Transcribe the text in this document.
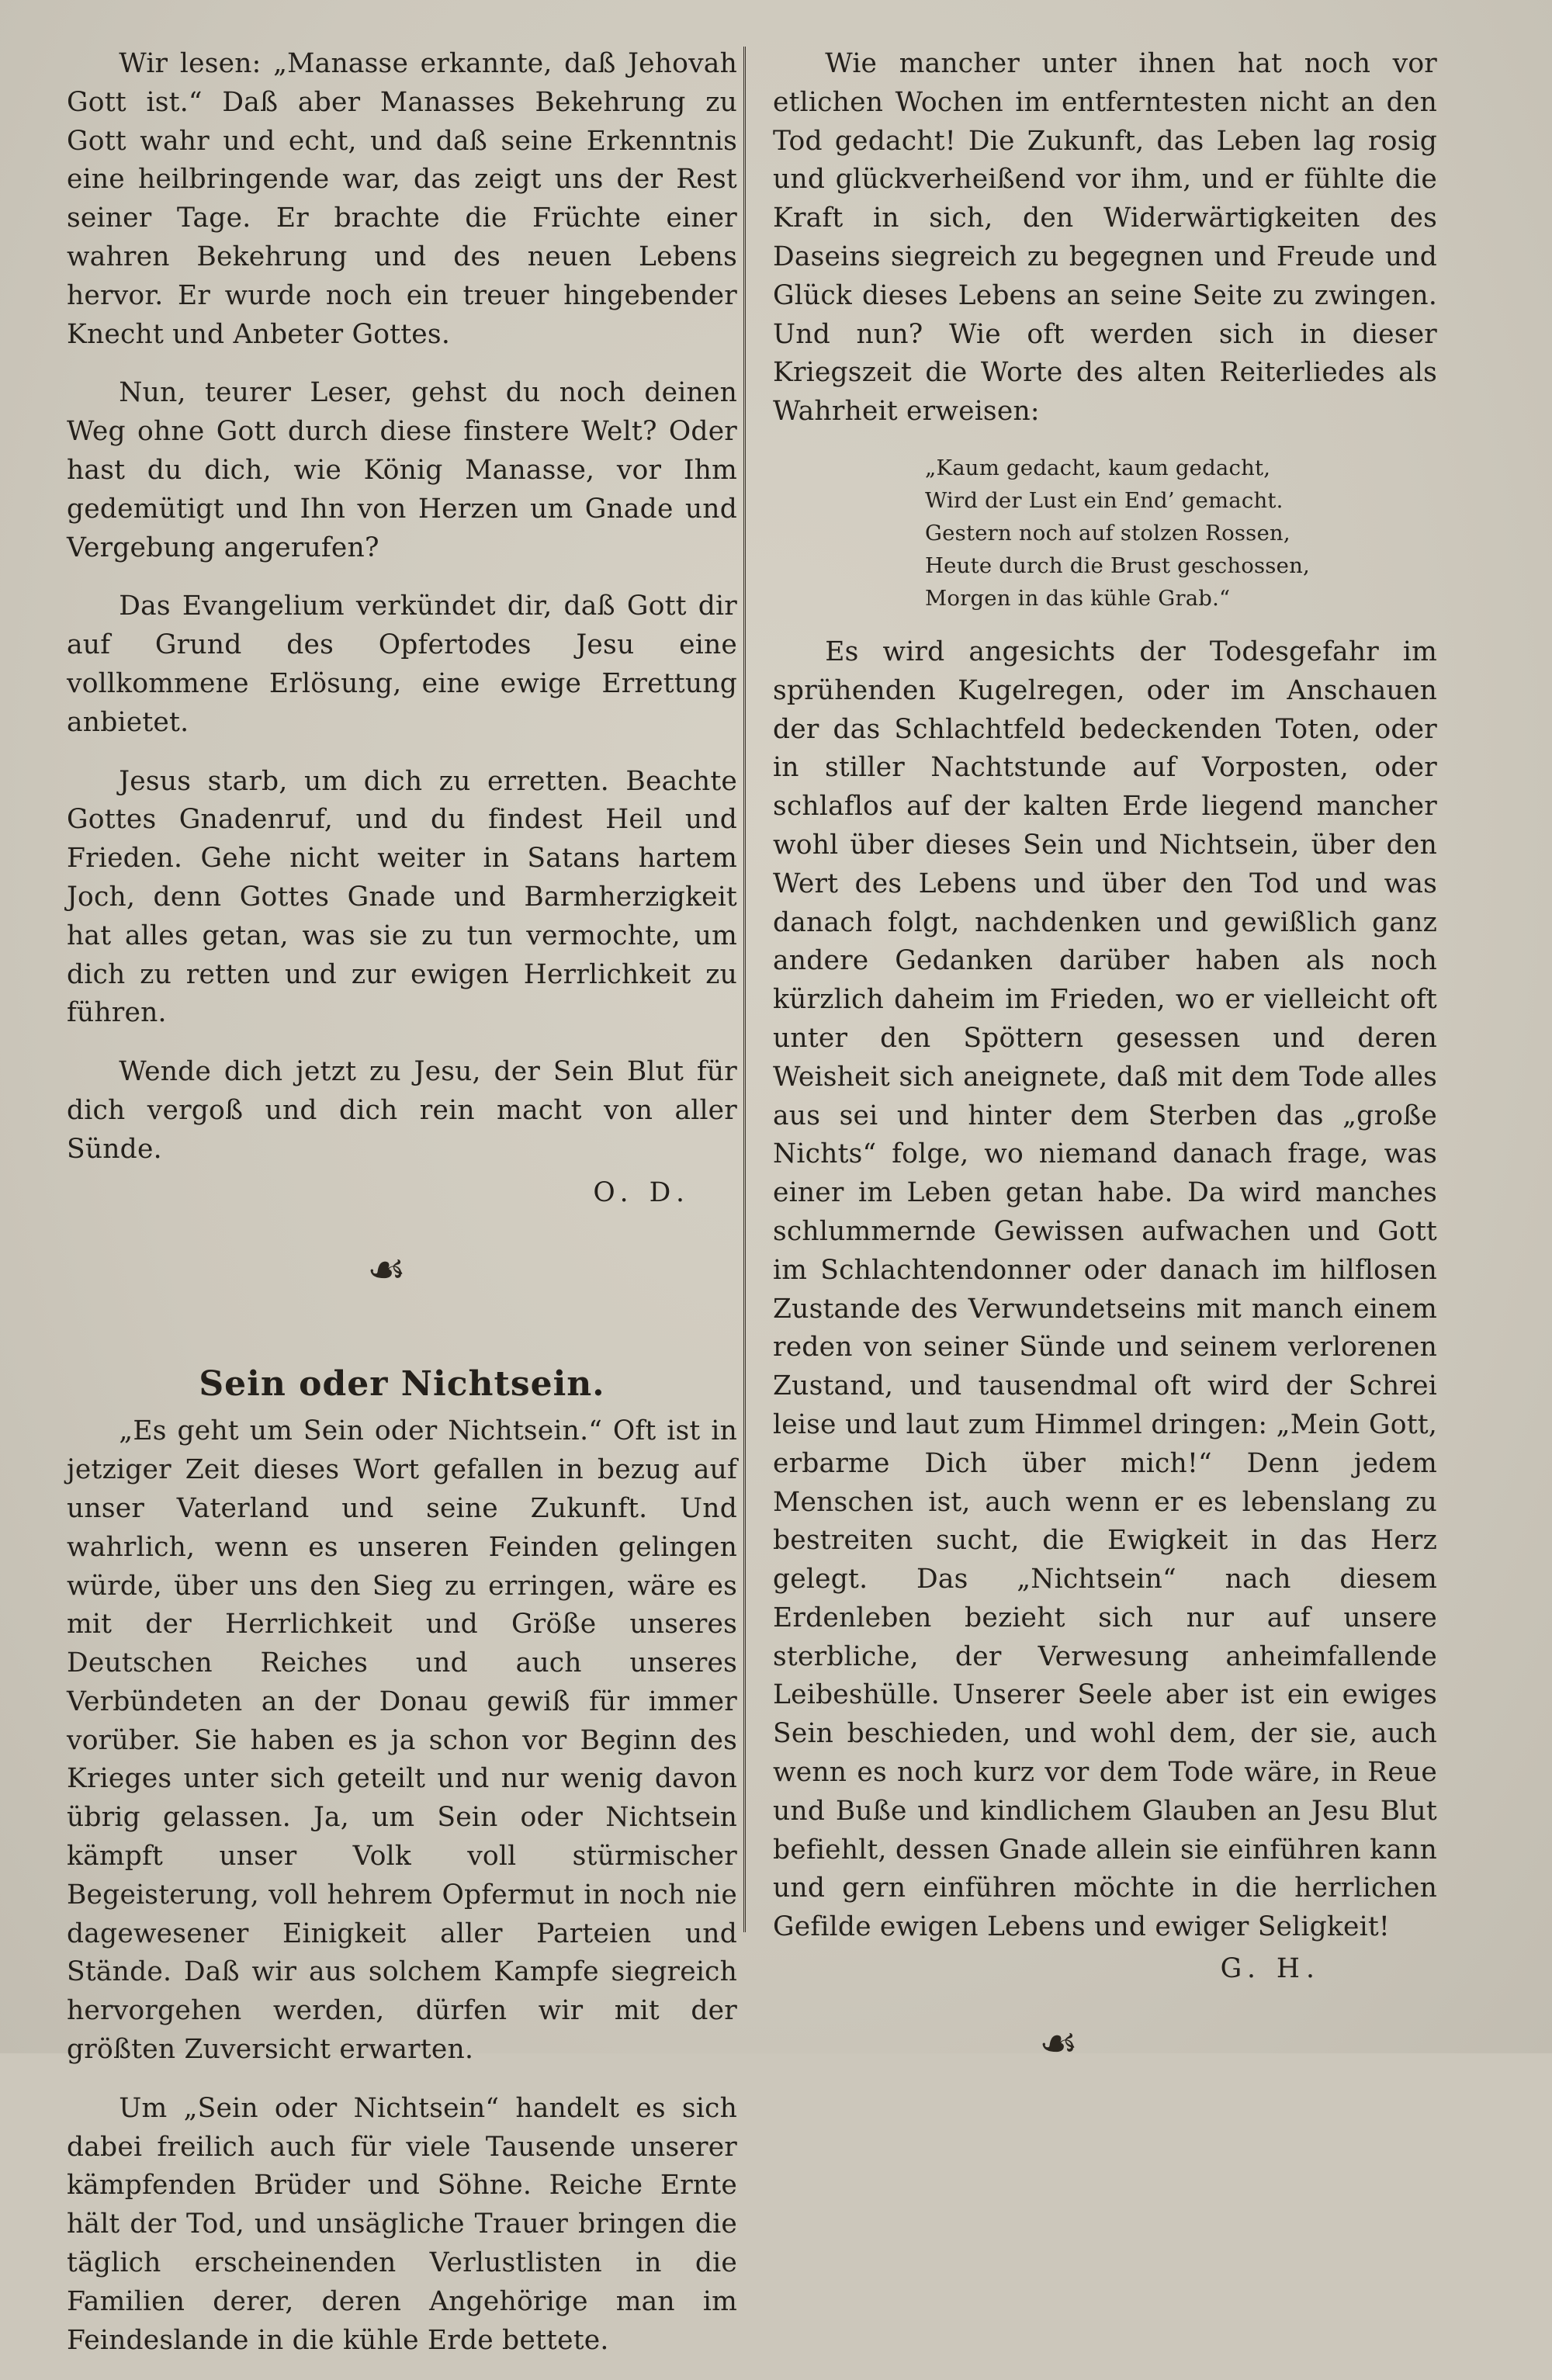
Wir lesen: „Manasse erkannte, daß Jehovah Gott ist.“ Daß aber Manasses Bekehrung zu Gott wahr und echt, und daß seine Erkenntnis eine heilbringende war, das zeigt uns der Rest seiner Tage. Er brachte die Früchte einer wahren Bekehrung und des neuen Lebens hervor. Er wurde noch ein treuer hingebender Knecht und Anbeter Gottes.

Nun, teurer Leser, gehst du noch deinen Weg ohne Gott durch diese finstere Welt? Oder hast du dich, wie König Manasse, vor Ihm gedemütigt und Ihn von Herzen um Gnade und Vergebung angerufen?

Das Evangelium verkündet dir, daß Gott dir auf Grund des Opfertodes Jesu eine vollkommene Erlösung, eine ewige Errettung anbietet.

Jesus starb, um dich zu erretten. Beachte Gottes Gnadenruf, und du findest Heil und Frieden. Gehe nicht weiter in Satans hartem Joch, denn Gottes Gnade und Barmherzigkeit hat alles getan, was sie zu tun vermochte, um dich zu retten und zur ewigen Herrlichkeit zu führen.

Wende dich jetzt zu Jesu, der Sein Blut für dich vergoß und dich rein macht von aller Sünde.

O. D.
☙
Sein oder Nichtsein.

„Es geht um Sein oder Nichtsein.“ Oft ist in jetziger Zeit dieses Wort gefallen in bezug auf unser Vaterland und seine Zukunft. Und wahrlich, wenn es unseren Feinden gelingen würde, über uns den Sieg zu erringen, wäre es mit der Herrlichkeit und Größe unseres Deutschen Reiches und auch unseres Verbündeten an der Donau gewiß für immer vorüber. Sie haben es ja schon vor Beginn des Krieges unter sich geteilt und nur wenig davon übrig gelassen. Ja, um Sein oder Nichtsein kämpft unser Volk voll stürmischer Begeisterung, voll hehrem Opfermut in noch nie dagewesener Einigkeit aller Parteien und Stände. Daß wir aus solchem Kampfe siegreich hervorgehen werden, dürfen wir mit der größten Zuversicht erwarten.

Um „Sein oder Nichtsein“ handelt es sich dabei freilich auch für viele Tausende unserer kämpfenden Brüder und Söhne. Reiche Ernte hält der Tod, und unsägliche Trauer bringen die täglich erscheinenden Verlustlisten in die Familien derer, deren Angehörige man im Feindeslande in die kühle Erde bettete.

Wie mancher unter ihnen hat noch vor etlichen Wochen im entferntesten nicht an den Tod gedacht! Die Zukunft, das Leben lag rosig und glückverheißend vor ihm, und er fühlte die Kraft in sich, den Widerwärtigkeiten des Daseins siegreich zu begegnen und Freude und Glück dieses Lebens an seine Seite zu zwingen. Und nun? Wie oft werden sich in dieser Kriegszeit die Worte des alten Reiterliedes als Wahrheit erweisen:

„Kaum gedacht, kaum gedacht,
Wird der Lust ein End’ gemacht.
Gestern noch auf stolzen Rossen,
Heute durch die Brust geschossen,
Morgen in das kühle Grab.“

Es wird angesichts der Todesgefahr im sprühenden Kugelregen, oder im Anschauen der das Schlachtfeld bedeckenden Toten, oder in stiller Nachtstunde auf Vorposten, oder schlaflos auf der kalten Erde liegend mancher wohl über dieses Sein und Nichtsein, über den Wert des Lebens und über den Tod und was danach folgt, nachdenken und gewißlich ganz andere Gedanken darüber haben als noch kürzlich daheim im Frieden, wo er vielleicht oft unter den Spöttern gesessen und deren Weisheit sich aneignete, daß mit dem Tode alles aus sei und hinter dem Sterben das „große Nichts“ folge, wo niemand danach frage, was einer im Leben getan habe. Da wird manches schlummernde Gewissen aufwachen und Gott im Schlachtendonner oder danach im hilflosen Zustande des Verwundetseins mit manch einem reden von seiner Sünde und seinem verlorenen Zustand, und tausendmal oft wird der Schrei leise und laut zum Himmel dringen: „Mein Gott, erbarme Dich über mich!“ Denn jedem Menschen ist, auch wenn er es lebenslang zu bestreiten sucht, die Ewigkeit in das Herz gelegt. Das „Nichtsein“ nach diesem Erdenleben bezieht sich nur auf unsere sterbliche, der Verwesung anheimfallende Leibeshülle. Unserer Seele aber ist ein ewiges Sein beschieden, und wohl dem, der sie, auch wenn es noch kurz vor dem Tode wäre, in Reue und Buße und kindlichem Glauben an Jesu Blut befiehlt, dessen Gnade allein sie einführen kann und gern einführen möchte in die herrlichen Gefilde ewigen Lebens und ewiger Seligkeit!

G. H.
☙
